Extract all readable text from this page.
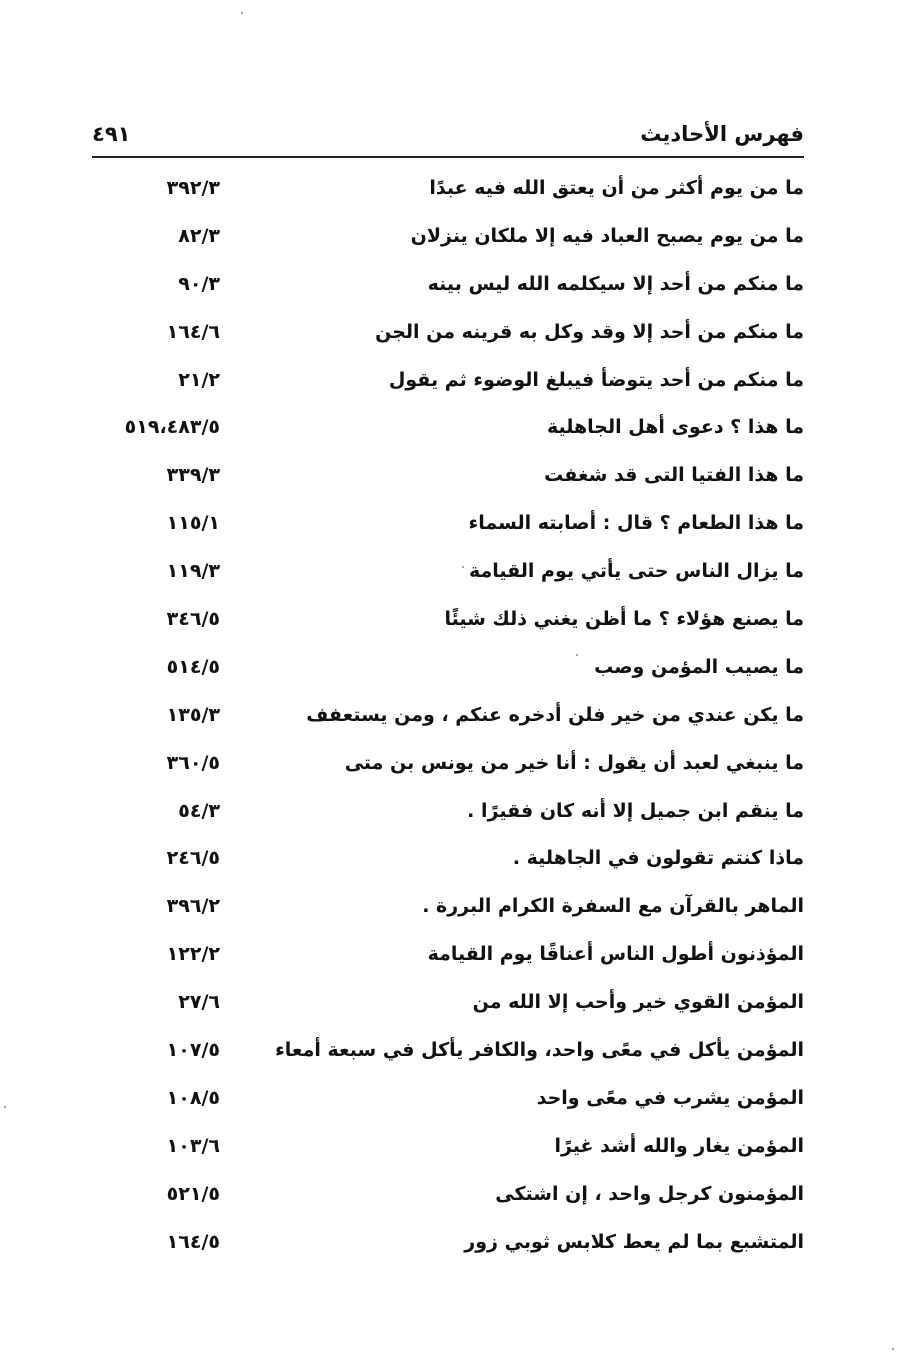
فهرس الأحاديث
٤٩١
ما من يوم أكثر من أن يعتق الله فيه عبدًا
٣٩٢/٣
ما من يوم يصبح العباد فيه إلا ملكان ينزلان
٨٢/٣
ما منكم من أحد إلا سيكلمه الله ليس بينه
٩٠/٣
ما منكم من أحد إلا وقد وكل به قرينه من الجن
١٦٤/٦
ما منكم من أحد يتوضأ فيبلغ الوضوء ثم يقول
٢١/٢
ما هذا ؟ دعوى أهل الجاهلية
٥١٩،٤٨٣/٥
ما هذا الفتيا التى قد شغفت
٣٣٩/٣
ما هذا الطعام ؟ قال : أصابته السماء
١١٥/١
ما يزال الناس حتى يأتي يوم القيامة
١١٩/٣
ما يصنع هؤلاء ؟ ما أظن يغني ذلك شيئًا
٣٤٦/٥
ما يصيب المؤمن وصب
٥١٤/٥
ما يكن عندي من خير فلن أدخره عنكم ، ومن يستعفف
١٣٥/٣
ما ينبغي لعبد أن يقول : أنا خير من يونس بن متى
٣٦٠/٥
ما ينقم ابن جميل إلا أنه كان فقيرًا .
٥٤/٣
ماذا كنتم تقولون في الجاهلية .
٢٤٦/٥
الماهر بالقرآن مع السفرة الكرام البررة .
٣٩٦/٢
المؤذنون أطول الناس أعناقًا يوم القيامة
١٢٢/٢
المؤمن القوي خير وأحب إلا الله من
٢٧/٦
المؤمن يأكل في معًى واحد، والكافر يأكل في سبعة أمعاء
١٠٧/٥
المؤمن يشرب في معًى واحد
١٠٨/٥
المؤمن يغار والله أشد غيرًا
١٠٣/٦
المؤمنون كرجل واحد ، إن اشتكى
٥٢١/٥
المتشبع بما لم يعط كلابس ثوبي زور
١٦٤/٥
